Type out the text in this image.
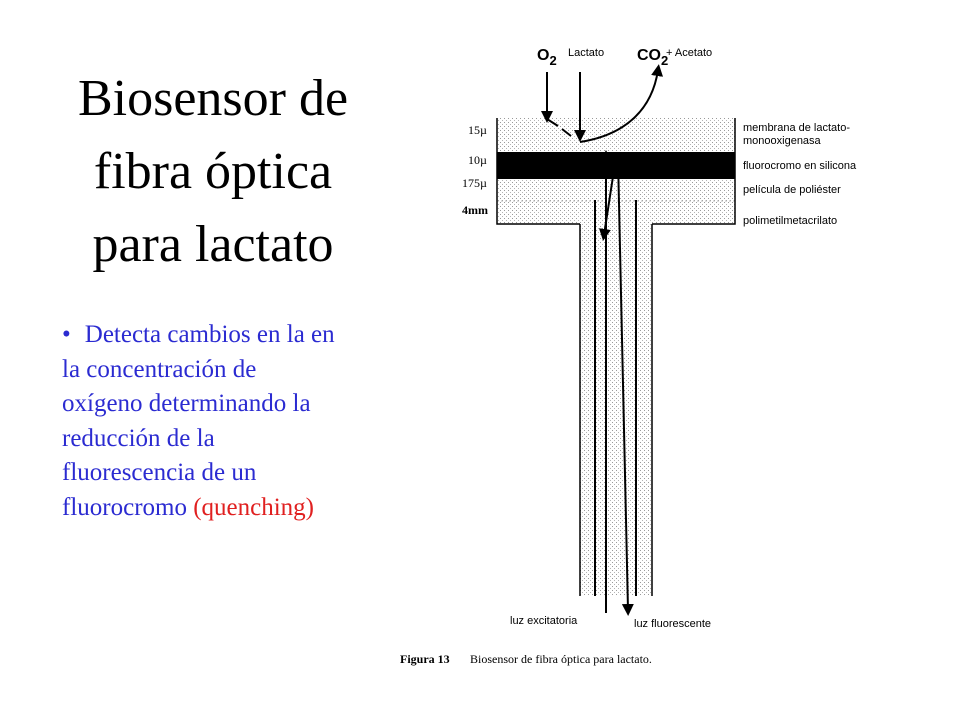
Biosensor de
fibra óptica
para lactato
• Detecta cambios en la en
la concentración de
oxígeno determinando la
reducción de la
fluorescencia de un
fluorocromo (quenching)
$O_2$ Lactato $CO_2$
+ Acetato
15µ
10µ
175µ
4mm
membrana de lactato-
monooxigenasa
fluorocromo en silicona
película de poliéster
polimetilmetacrilato
luz excitatoria	luz fluorescente
Figura 13 Biosensor de fibra óptica para lactato.
